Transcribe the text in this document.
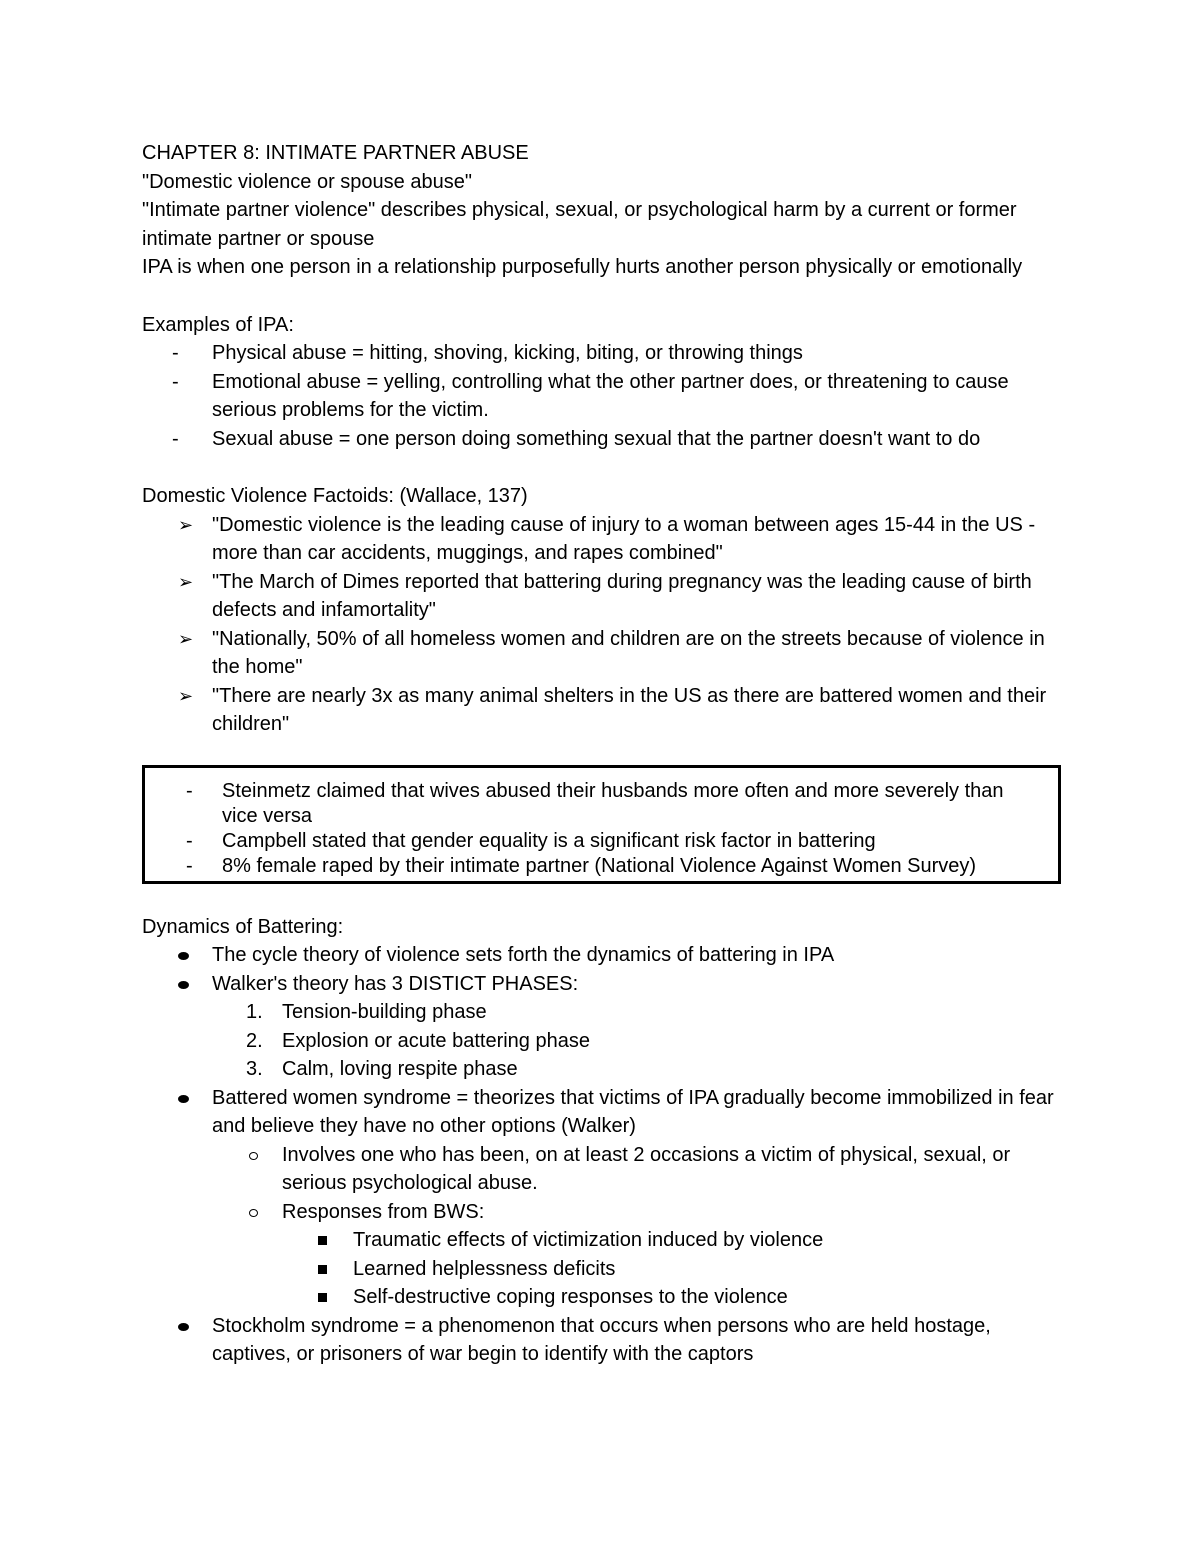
CHAPTER 8: INTIMATE PARTNER ABUSE

"Domestic violence or spouse abuse"

"Intimate partner violence" describes physical, sexual, or psychological harm by a current or former intimate partner or spouse

IPA is when one person in a relationship purposefully hurts another person physically or emotionally

Examples of IPA:

- Physical abuse = hitting, shoving, kicking, biting, or throwing things
- Emotional abuse = yelling, controlling what the other partner does, or threatening to cause serious problems for the victim.
- Sexual abuse = one person doing something sexual that the partner doesn't want to do

Domestic Violence Factoids: (Wallace, 137)

➢ "Domestic violence is the leading cause of injury to a woman between ages 15-44 in the US - more than car accidents, muggings, and rapes combined"
➢ "The March of Dimes reported that battering during pregnancy was the leading cause of birth defects and infamortality"
➢ "Nationally, 50% of all homeless women and children are on the streets because of violence in the home"
➢ "There are nearly 3x as many animal shelters in the US as there are battered women and their children"
- Steinmetz claimed that wives abused their husbands more often and more severely than vice versa
- Campbell stated that gender equality is a significant risk factor in battering
- 8% female raped by their intimate partner (National Violence Against Women Survey)

Dynamics of Battering:

The cycle theory of violence sets forth the dynamics of battering in IPA
Walker's theory has 3 DISTICT PHASES:
1. Tension-building phase
2. Explosion or acute battering phase
3. Calm, loving respite phase
Battered women syndrome = theorizes that victims of IPA gradually become immobilized in fear and believe they have no other options (Walker)
Involves one who has been, on at least 2 occasions a victim of physical, sexual, or serious psychological abuse.
Responses from BWS:
Traumatic effects of victimization induced by violence
Learned helplessness deficits
Self-destructive coping responses to the violence
Stockholm syndrome = a phenomenon that occurs when persons who are held hostage, captives, or prisoners of war begin to identify with the captors
